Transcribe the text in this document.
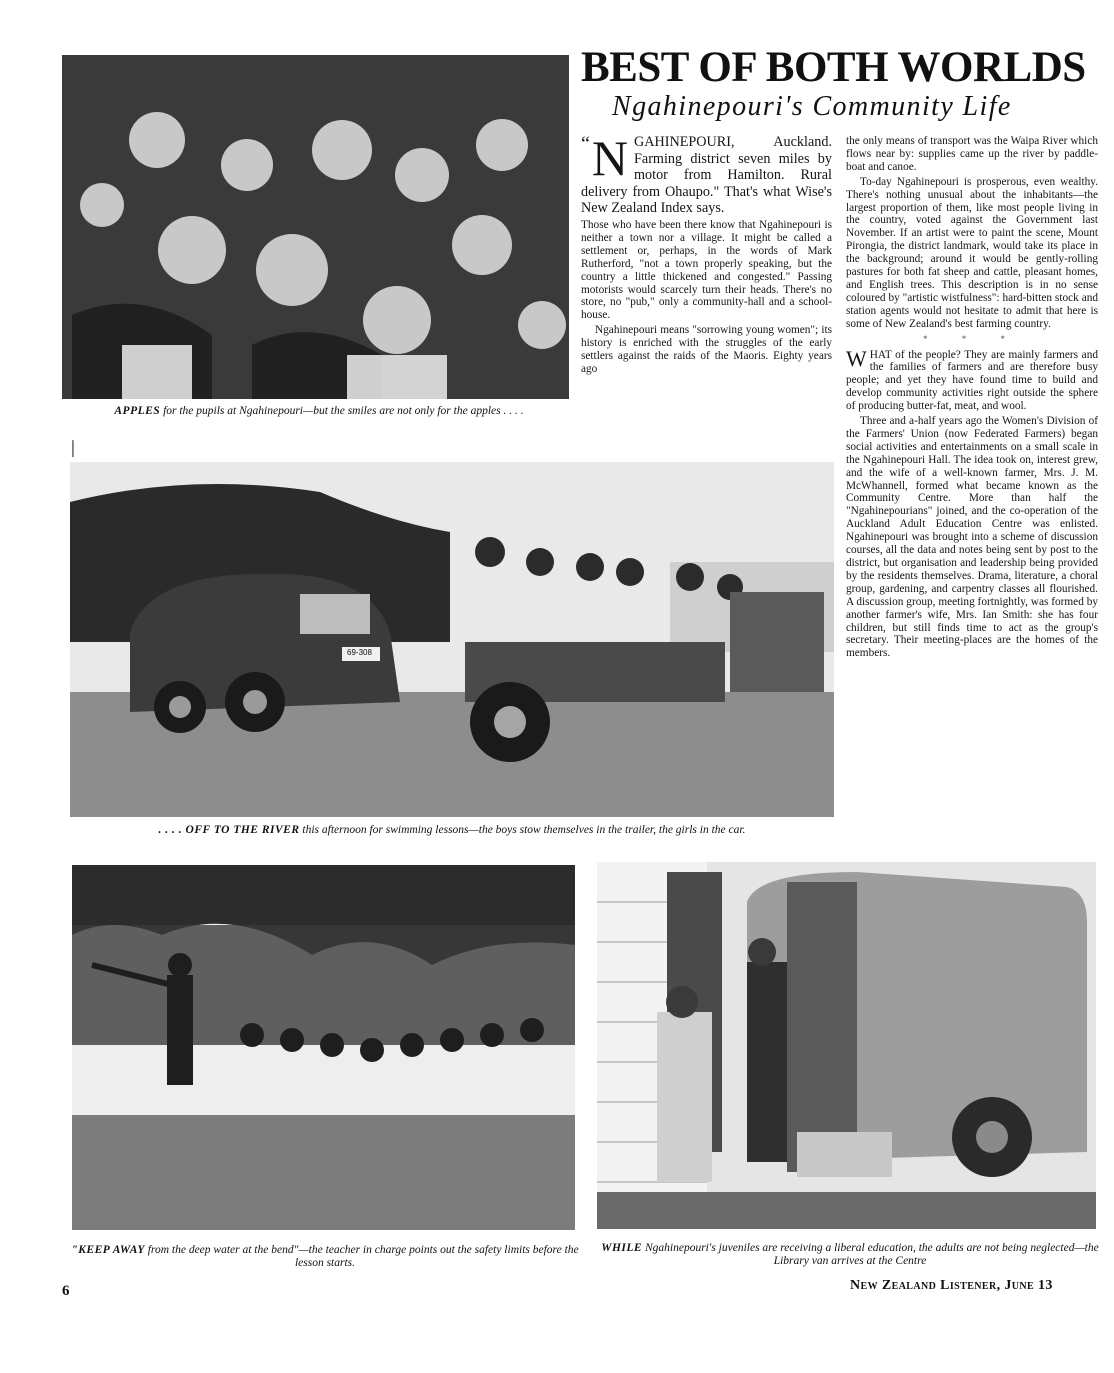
69-308
APPLES for the pupils at Ngahinepouri—but the smiles are not only for the apples . . . .
. . . . OFF TO THE RIVER this afternoon for swimming lessons—the boys stow themselves in the trailer, the girls in the car.
"KEEP AWAY from the deep water at the bend"—the teacher in charge points out the safety limits before the lesson starts.
WHILE Ngahinepouri's juveniles are receiving a liberal education, the adults are not being neglected—the Library van arrives at the Centre
BEST OF BOTH WORLDS
Ngahinepouri's Community Life

“ N GAHINEPOURI, Auckland. Farming district seven miles by motor from Hamilton. Rural delivery from Ohaupo." That's what Wise's New Zealand Index says.

Those who have been there know that Ngahinepouri is neither a town nor a village. It might be called a settlement or, perhaps, in the words of Mark Rutherford, "not a town properly speaking, but the country a little thickened and congested." Passing motorists would scarcely turn their heads. There's no store, no "pub," only a community-hall and a school-house.

Ngahinepouri means "sorrowing young women"; its history is enriched with the struggles of the early settlers against the raids of the Maoris. Eighty years ago

the only means of transport was the Waipa River which flows near by: supplies came up the river by paddle-boat and canoe.

To-day Ngahinepouri is prosperous, even wealthy. There's nothing unusual about the inhabitants—the largest proportion of them, like most people living in the country, voted against the Government last November. If an artist were to paint the scene, Mount Pirongia, the district landmark, would take its place in the background; around it would be gently-rolling pastures for both fat sheep and cattle, pleasant homes, and English trees. This description is in no sense coloured by "artistic wistfulness": hard-bitten stock and station agents would not hesitate to admit that here is some of New Zealand's best farming country.

* * *

WHAT of the people? They are mainly farmers and the families of farmers and are therefore busy people; and yet they have found time to build and develop community activities right outside the sphere of producing butter-fat, meat, and wool.

Three and a-half years ago the Women's Division of the Farmers' Union (now Federated Farmers) began social activities and entertainments on a small scale in the Ngahinepouri Hall. The idea took on, interest grew, and the wife of a well-known farmer, Mrs. J. M. McWhannell, formed what became known as the Community Centre. More than half the "Ngahinepourians" joined, and the co-operation of the Auckland Adult Education Centre was enlisted. Ngahinepouri was brought into a scheme of discussion courses, all the data and notes being sent by post to the district, but organisation and leadership being provided by the residents themselves. Drama, literature, a choral group, gardening, and carpentry classes all flourished. A discussion group, meeting fortnightly, was formed by another farmer's wife, Mrs. Ian Smith: she has four children, but still finds time to act as the group's secretary. Their meeting-places are the homes of the members.

│
6	New Zealand Listener, June 13
